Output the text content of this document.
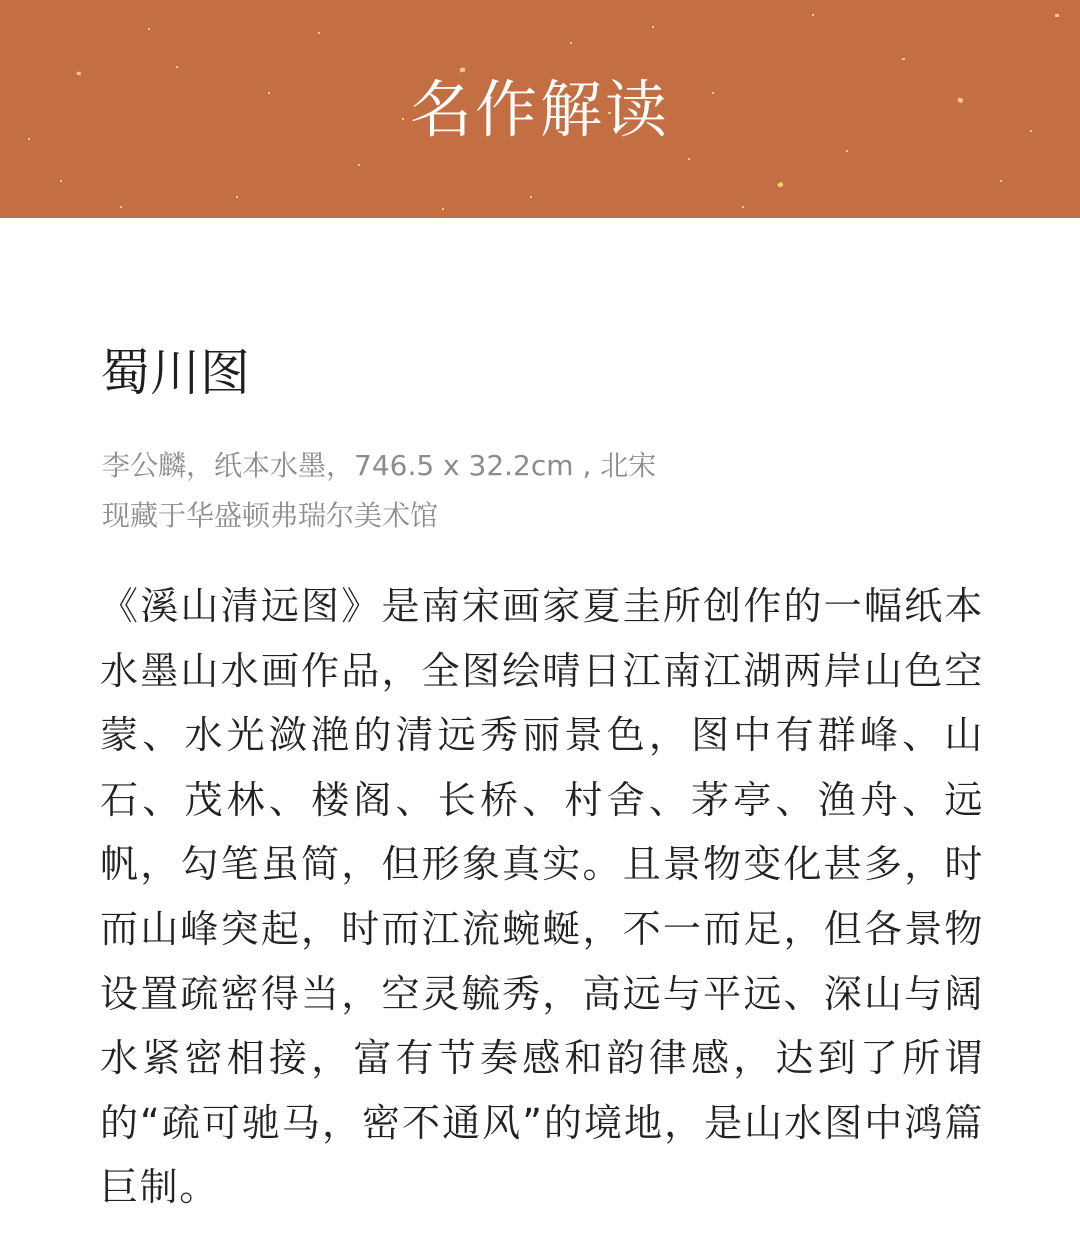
名作解读
蜀川图
李公麟，纸本水墨，746.5 x 32.2cm , 北宋
现藏于华盛顿弗瑞尔美术馆

《溪山清远图》是南宋画家夏圭所创作的一幅纸本水墨山水画作品，全图绘晴日江南江湖两岸山色空蒙、水光潋滟的清远秀丽景色，图中有群峰、山石、茂林、楼阁、长桥、村舍、茅亭、渔舟、远帆，勾笔虽简，但形象真实。且景物变化甚多，时而山峰突起，时而江流蜿蜒，不一而足，但各景物设置疏密得当，空灵毓秀，高远与平远、深山与阔水紧密相接，富有节奏感和韵律感，达到了所谓的“疏可驰马，密不通风”的境地，是山水图中鸿篇巨制。
